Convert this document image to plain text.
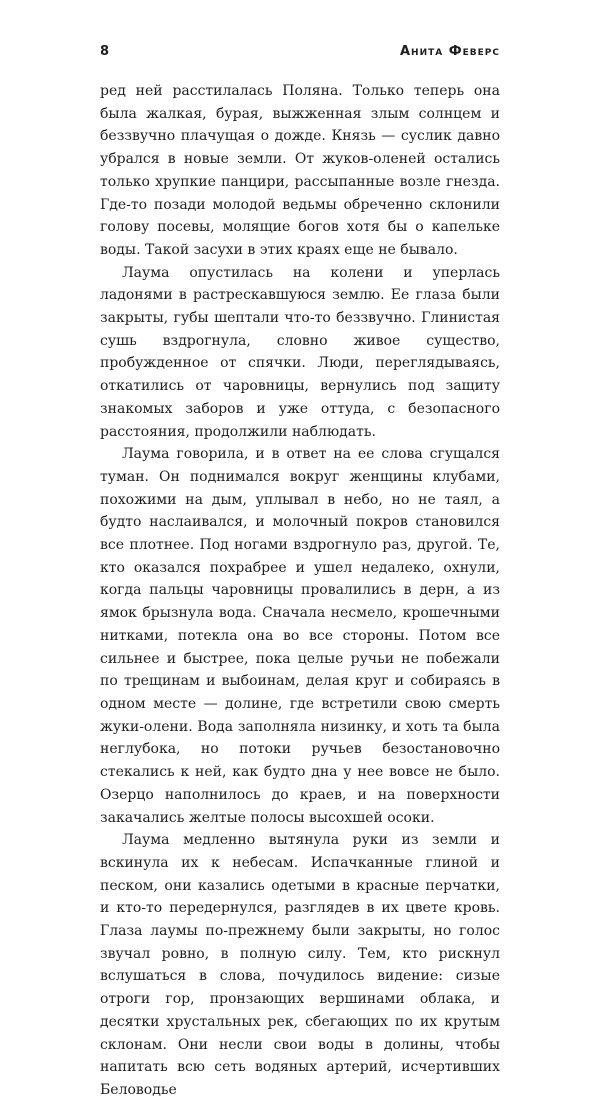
8	Анита Феверс

ред ней расстилалась Поляна. Только теперь она была жалкая, бурая, выжженная злым солнцем и беззвучно плачущая о дожде. Князь — суслик давно убрался в новые земли. От жуков-оленей остались только хрупкие панцири, рассыпанные возле гнезда. Где-то позади молодой ведьмы обреченно склонили голову посевы, молящие богов хотя бы о капельке воды. Такой засухи в этих краях еще не бывало.

Лаума опустилась на колени и уперлась ладонями в растрескавшуюся землю. Ее глаза были закрыты, губы шептали что-то беззвучно. Глинистая сушь вздрогнула, словно живое существо, пробужденное от спячки. Люди, переглядываясь, откатились от чаровницы, вернулись под защиту знакомых заборов и уже оттуда, с безопасного расстояния, продолжили наблюдать.

Лаума говорила, и в ответ на ее слова сгущался туман. Он поднимался вокруг женщины клубами, похожими на дым, уплывал в небо, но не таял, а будто наслаивался, и молочный покров становился все плотнее. Под ногами вздрогнуло раз, другой. Те, кто оказался похрабрее и ушел недалеко, охнули, когда пальцы чаровницы провалились в дерн, а из ямок брызнула вода. Сначала несмело, крошечными нитками, потекла она во все стороны. Потом все сильнее и быстрее, пока целые ручьи не побежали по трещинам и выбоинам, делая круг и собираясь в одном месте — долине, где встретили свою смерть жуки-олени. Вода заполняла низинку, и хоть та была неглубока, но потоки ручьев безостановочно стекались к ней, как будто дна у нее вовсе не было. Озерцо наполнилось до краев, и на поверхности закачались желтые полосы высохшей осоки.

Лаума медленно вытянула руки из земли и вскинула их к небесам. Испачканные глиной и песком, они казались одетыми в красные перчатки, и кто-то передернулся, разглядев в их цвете кровь. Глаза лаумы по-прежнему были закрыты, но голос звучал ровно, в полную силу. Тем, кто рискнул вслушаться в слова, почудилось видение: сизые отроги гор, пронзающих вершинами облака, и десятки хрустальных рек, сбегающих по их крутым склонам. Они несли свои воды в долины, чтобы напитать всю сеть водяных артерий, исчертивших Беловодье
